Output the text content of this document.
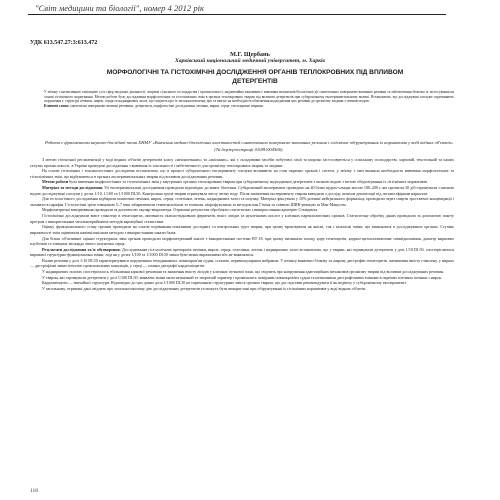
"Світ медицини та біології", номер 4 2012 рік
УДК 613.547.27:3:613.472
М.Г. Щербань
Харківський національний медичний університет, м. Харків
МОРФОЛОГІЧНІ ТА ГІСТОХІМІЧНІ ДОСЛІДЖЕННЯ ОРГАНІВ ТЕПЛОКРОВНИХ ПІД ВПЛИВОМ ДЕТЕРГЕНТІВ
У зв'язку з інтенсивною хімізацією усіх сфер людської діяльності, зокрема сільського господарства і промисловості, надзвичайно важливим є вивчення механізмів біологічної дії синтетичних поверхнево-активних речовин та забезпечення безпеки їх застосування на основі гігієнічного нормування. Метою роботи було дослідження морфологічних та гістохімічних змін в органах теплокровних тварин під впливом детергентів при субхронічному експериментальному впливі. Встановлено, що досліджувані сполуки спричиняють порушення у структурі печінки, нирок, серця та надниркових залоз, що свідчить про їх загальнотоксичну дію та вказує на необхідність обмеження надходження цих речовин до організму людини з питною водою.
Ключові слова: синтетичні поверхнево-активні речовини, детергенти, морфологічні дослідження, печінка, нирки, серце, теплокровні тварини.
Робота є фрагментом науково-дослідної теми ХНМУ «Вивчення медико-біологічних властивостей синтетичних поверхнево-активних речовин і гігієнічне обґрунтування їх нормативів у воді водних об'єктів» (№ держреєстрації 0108U004566).

З метою гігієнічної регламентації у воді водних об'єктів детергентів класу «неіоногенних» та «аніонних», які є складовими засобів побутової хімії та широко застосовуються у сільському господарстві, харчовій, текстильній та інших галузях промисловості, в Україні проведені дослідження з вивчення їх токсичності і небезпечності для організму теплокровних тварин та людини.

На основі гігієнічних і токсикологічних досліджень встановлено, що в процесі субхронічного експерименту сполуки впливають на стан окремих органів і систем, у зв'язку з чим виникла необхідність вивчення морфологічних та гістохімічних змін, що відбуваються в органах експериментальних тварин під впливом досліджуваних речовин.

Метою роботи було вивчення морфологічних та гістохімічних змін у внутрішніх органах теплокровних тварин при субхронічному надходженні детергентів з питною водою з метою обґрунтування їх гігієнічних нормативів.

Матеріал та методи дослідження. Усі експериментальні дослідження проводили відповідно до вимог біоетики. Субхронічний експеримент проведено на 40 білих щурах-самцях масою 180–200 г, які протягом 30 діб отримували з питною водою досліджувані сполуки у дозах 1/10, 1/100 та 1/1000 DL50. Контрольна група тварин отримувала чисту питну воду. Після закінчення експерименту тварин виводили з досліду шляхом декапітації під легким ефірним наркозом.

Для гістологічного дослідження відбирали шматочки печінки, нирок, серця, селезінки, легень, надниркових залоз та шлунку. Матеріал фіксували у 10% розчині нейтрального формаліну, проводили через спирти зростаючої концентрації і заливали в парафін. Гістологічні зрізи товщиною 5–7 мкм забарвлювали гематоксиліном та еозином, пікрофуксином за методом ван Гізона та ставили ШИК-реакцію за Мак-Манусом.

Морфометричні вимірювання проводили за допомогою окуляр-мікрометра. Отримані результати обробляли статистично з використанням критерію Стьюдента.

Гістохімічно досліджували вміст глікогену в гепатоцитах, активність окисно-відновних ферментів, вміст ліпідів та нуклеїнових кислот у клітинах паренхіматозних органів. Статистичну обробку даних проводили за допомогою пакету програм з використанням загальноприйнятих методів варіаційної статистики.

Оцінку функціонального стану органів проводили на основі порівняння показників дослідних та контрольних груп тварин, при цьому враховували як якісні, так і кількісні зміни, що виявлялися в досліджуваних органах. Ступінь вираженості змін оцінювали напівкількісним методом з використанням шкали балів.

Для більш об'єктивної оцінки структурних змін органів проводили морфометричний аналіз з використанням системи ВТ-18, при цьому визначали площу ядер гепатоцитів, ядерно-цитоплазматичне співвідношення, діаметр ниркових клубочків та товщину міокарда лівого шлуночка серця.

Результати дослідження та їх обговорення. Дослідженням гістологічних препаратів печінки, нирок, серця, селезінки, легень і надниркових залоз встановлено, що у тварин, які отримували детергенти у дозі 1/10 DL50, спостерігаються виражені структурно-функціональні зміни, тоді як у дозах 1/100 та 1/1000 DL50 зміни були менш вираженими або не виявлялися.

Вплив речовин у дозі 1/10 DL50 характеризувався порушенням гемодинаміки: повнокров'ям судин, стазами, периваскулярним набряком. У печінці виявлено білкову та жирову дистрофію гепатоцитів, зменшення вмісту глікогену, у нирках — дистрофічні зміни епітелію проксимальних канальців, у серці — ознаки дистрофії кардіоміоцитів.

У надниркових залозах спостерігалось збільшення кіркової речовини та зниження вмісту ліпідів у клітинах пучкової зони, що свідчить про напруження адаптаційних механізмів організму тварин під впливом досліджуваних речовин.

У тварин, які отримували детергенти у дозі 1/100 DL50, виявлені зміни мали незначний та зворотній характер і проявлялись помірним повнокров'ям судин та незначними дистрофічними змінами в окремих клітинах печінки і нирок.

Кардіоміоцити — звичайної структури. Відповідно до цих даних доза 1/1000 DL50 не спричиняла структурних змін в органах тварин, що дає підстави рекомендувати її як недіючу у субхронічному експерименті.

У загальному, отримані дані свідчать про загальнотоксичну дію досліджуваних детергентів та можуть бути використані при обґрунтуванні їх гігієнічних нормативів у воді водних об'єктів.

118
